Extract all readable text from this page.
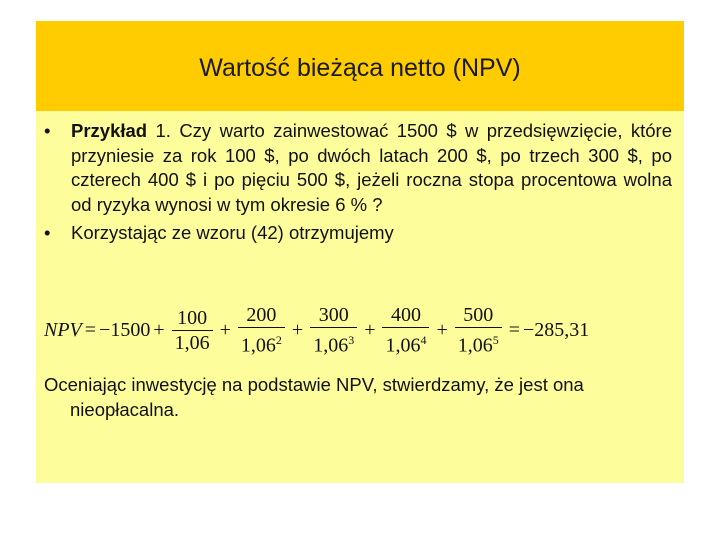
Wartość bieżąca netto (NPV)
• Przykład 1. Czy warto zainwestować 1500 $ w przedsięwzięcie, które przyniesie za rok 100 $, po dwóch latach 200 $, po trzech 300 $, po czterech 400 $ i po pięciu 500 $, jeżeli roczna stopa procentowa wolna od ryzyka wynosi w tym okresie 6 % ?
• Korzystając ze wzoru (42) otrzymujemy
NPV = $-1500 + \frac{100}{1,06} + \frac{200}{1,06^2} + \frac{300}{1,06^3} + \frac{400}{1,06^4} + \frac{500}{1,06^5} = -285,31$
Oceniając inwestycję na podstawie NPV, stwierdzamy, że jest ona nieopłacalna.
